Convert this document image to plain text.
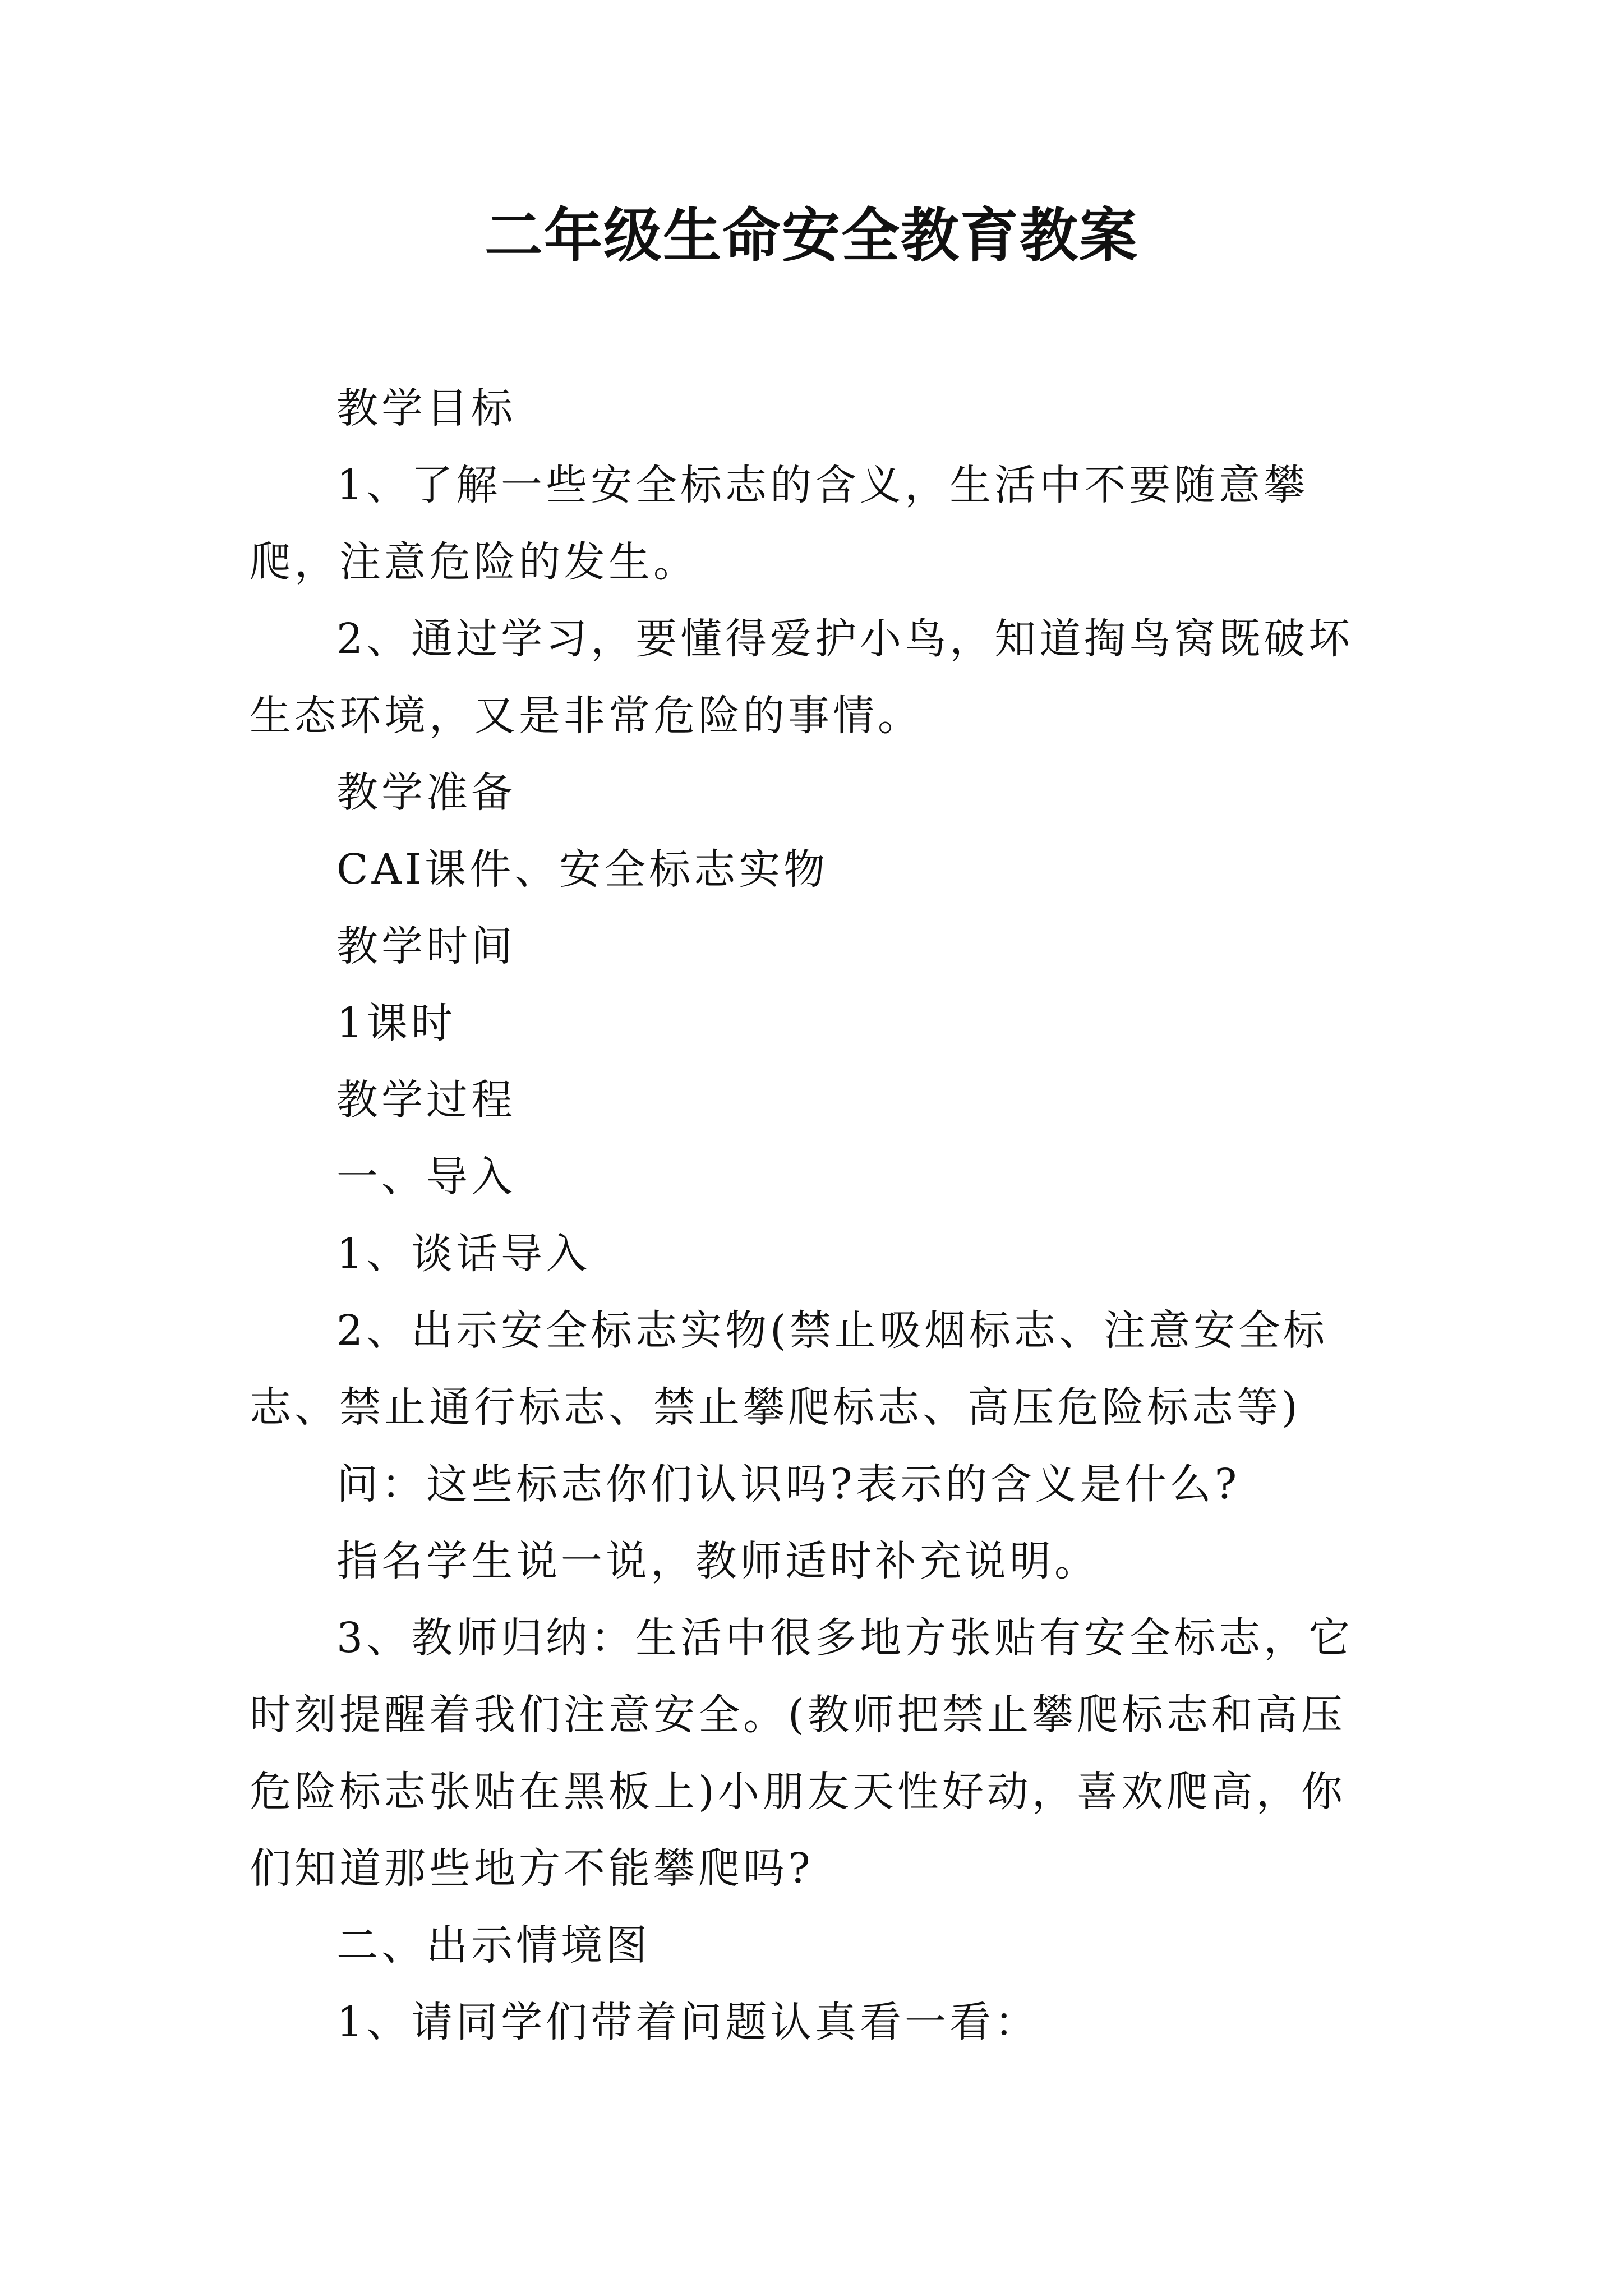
二年级生命安全教育教案

教学目标

1、了解一些安全标志的含义，生活中不要随意攀爬，注意危险的发生。

2、通过学习，要懂得爱护小鸟，知道掏鸟窝既破坏生态环境，又是非常危险的事情。

教学准备

CAI课件、安全标志实物

教学时间

1课时

教学过程

一、导入

1、谈话导入

2、出示安全标志实物(禁止吸烟标志、注意安全标志、禁止通行标志、禁止攀爬标志、高压危险标志等)

问：这些标志你们认识吗?表示的含义是什么?

指名学生说一说，教师适时补充说明。

3、教师归纳：生活中很多地方张贴有安全标志，它时刻提醒着我们注意安全。(教师把禁止攀爬标志和高压危险标志张贴在黑板上)小朋友天性好动，喜欢爬高，你们知道那些地方不能攀爬吗?

二、出示情境图

1、请同学们带着问题认真看一看：
